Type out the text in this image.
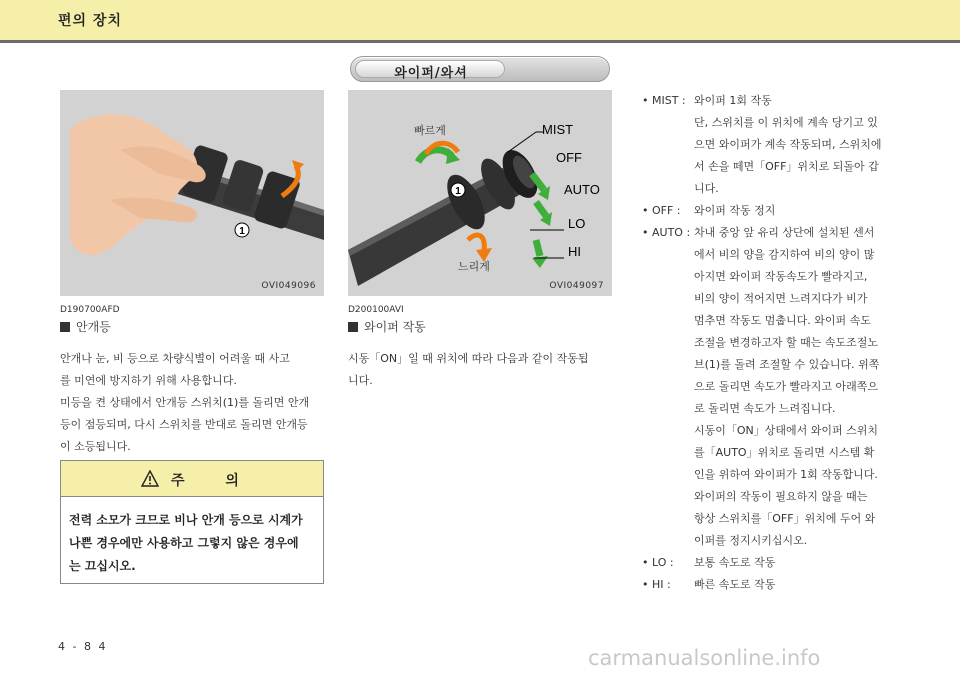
편의 장치
와이퍼/와셔
1
OVI049096
1
빠르게
느리게
MIST
OFF
AUTO
LO
HI
OVI049097
D190700AFD
안개등
안개나 눈, 비 등으로 차량식별이 어려울 때 사고
를 미연에 방지하기 위해 사용합니다.
미등을 켠 상태에서 안개등 스위치(1)를 돌리면 안개
등이 점등되며, 다시 스위치를 반대로 돌리면 안개등
이 소등됩니다.
주 의
전력 소모가 크므로 비나 안개 등으로 시계가
나쁜 경우에만 사용하고 그렇지 않은 경우에
는 끄십시오.
D200100AVI
와이퍼 작동
시동「ON」일 때 위치에 따라 다음과 같이 작동됩
니다.
• MIST : 와이퍼 1회 작동
단, 스위치를 이 위치에 계속 당기고 있
으면 와이퍼가 계속 작동되며, 스위치에
서 손을 떼면「OFF」위치로 되돌아 갑
니다.
• OFF : 와이퍼 작동 정지
• AUTO : 차내 중앙 앞 유리 상단에 설치된 센서
에서 비의 양을 감지하여 비의 양이 많
아지면 와이퍼 작동속도가 빨라지고,
비의 양이 적어지면 느려지다가 비가
멈추면 작동도 멈춥니다. 와이퍼 속도
조절을 변경하고자 할 때는 속도조절노
브(1)를 돌려 조절할 수 있습니다. 위쪽
으로 돌리면 속도가 빨라지고 아래쪽으
로 돌리면 속도가 느려집니다.
시동이「ON」상태에서 와이퍼 스위치
를「AUTO」위치로 돌리면 시스템 확
인을 위하여 와이퍼가 1회 작동합니다.
와이퍼의 작동이 필요하지 않을 때는
항상 스위치를「OFF」위치에 두어 와
이퍼를 정지시키십시오.
• LO : 보통 속도로 작동
• HI : 빠른 속도로 작동
4 - 8 4	carmanualsonline.info
